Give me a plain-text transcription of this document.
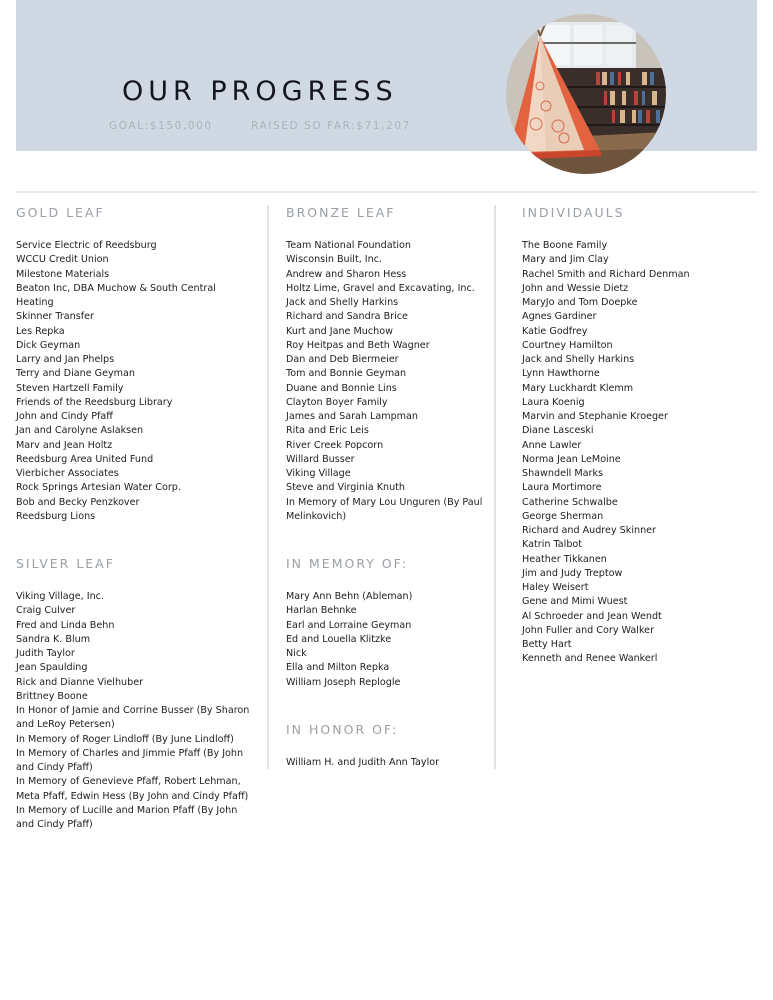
OUR PROGRESS
GOAL:$150,000	RAISED SO FAR:$71,207
GOLD LEAF
Service Electric of Reedsburg
WCCU Credit Union
Milestone Materials
Beaton Inc, DBA Muchow & South Central Heating
Skinner Transfer
Les Repka
Dick Geyman
Larry and Jan Phelps
Terry and Diane Geyman
Steven Hartzell Family
Friends of the Reedsburg Library
John and Cindy Pfaff
Jan and Carolyne Aslaksen
Marv and Jean Holtz
Reedsburg Area United Fund
Vierbicher Associates
Rock Springs Artesian Water Corp.
Bob and Becky Penzkover
Reedsburg Lions
SILVER LEAF
Viking Village, Inc.
Craig Culver
Fred and Linda Behn
Sandra K. Blum
Judith Taylor
Jean Spaulding
Rick and Dianne Vielhuber
Brittney Boone
In Honor of Jamie and Corrine Busser (By Sharon and LeRoy Petersen)
In Memory of Roger Lindloff (By June Lindloff)
In Memory of Charles and Jimmie Pfaff (By John and Cindy Pfaff)
In Memory of Genevieve Pfaff, Robert Lehman, Meta Pfaff, Edwin Hess (By John and Cindy Pfaff)
In Memory of Lucille and Marion Pfaff (By John and Cindy Pfaff)
BRONZE LEAF
Team National Foundation
Wisconsin Built, Inc.
Andrew and Sharon Hess
Holtz Lime, Gravel and Excavating, Inc.
Jack and Shelly Harkins
Richard and Sandra Brice
Kurt and Jane Muchow
Roy Heitpas and Beth Wagner
Dan and Deb Biermeier
Tom and Bonnie Geyman
Duane and Bonnie Lins
Clayton Boyer Family
James and Sarah Lampman
Rita and Eric Leis
River Creek Popcorn
Willard Busser
Viking Village
Steve and Virginia Knuth
In Memory of Mary Lou Unguren (By Paul Melinkovich)
IN MEMORY OF:
Mary Ann Behn (Ableman)
Harlan Behnke
Earl and Lorraine Geyman
Ed and Louella Klitzke
Nick
Ella and Milton Repka
William Joseph Replogle
IN HONOR OF:
William H. and Judith Ann Taylor
INDIVIDAULS
The Boone Family
Mary and Jim Clay
Rachel Smith and Richard Denman
John and Wessie Dietz
MaryJo and Tom Doepke
Agnes Gardiner
Katie Godfrey
Courtney Hamilton
Jack and Shelly Harkins
Lynn Hawthorne
Mary Luckhardt Klemm
Laura Koenig
Marvin and Stephanie Kroeger
Diane Lasceski
Anne Lawler
Norma Jean LeMoine
Shawndell Marks
Laura Mortimore
Catherine Schwalbe
George Sherman
Richard and Audrey Skinner
Katrin Talbot
Heather Tikkanen
Jim and Judy Treptow
Haley Weisert
Gene and Mimi Wuest
Al Schroeder and Jean Wendt
John Fuller and Cory Walker
Betty Hart
Kenneth and Renee Wankerl
